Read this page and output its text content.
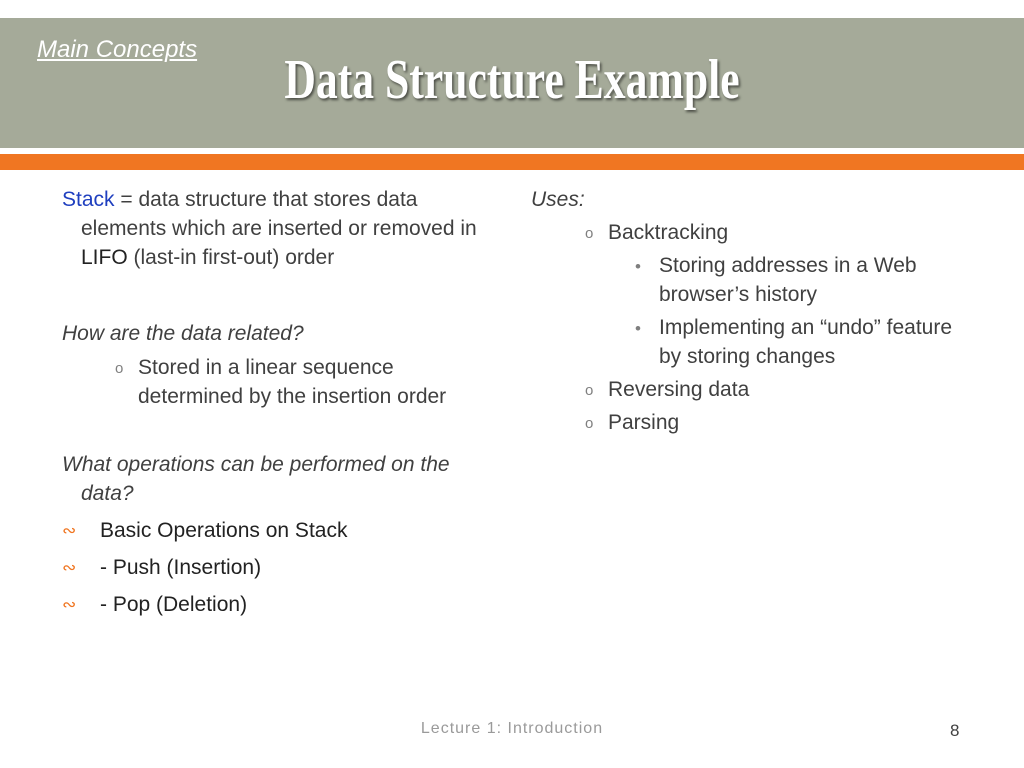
Main Concepts	Data Structure Example

Stack = data structure that stores data elements which are inserted or removed in LIFO (last-in first-out) order

How are the data related?

o Stored in a linear sequence determined by the insertion order

What operations can be performed on the data?

∾ Basic Operations on Stack
∾ - Push (Insertion)
∾ - Pop (Deletion)

Uses:

o Backtracking
• Storing addresses in a Web browser’s history
• Implementing an “undo” feature by storing changes
o Reversing data
o Parsing
Lecture 1: Introduction	8
